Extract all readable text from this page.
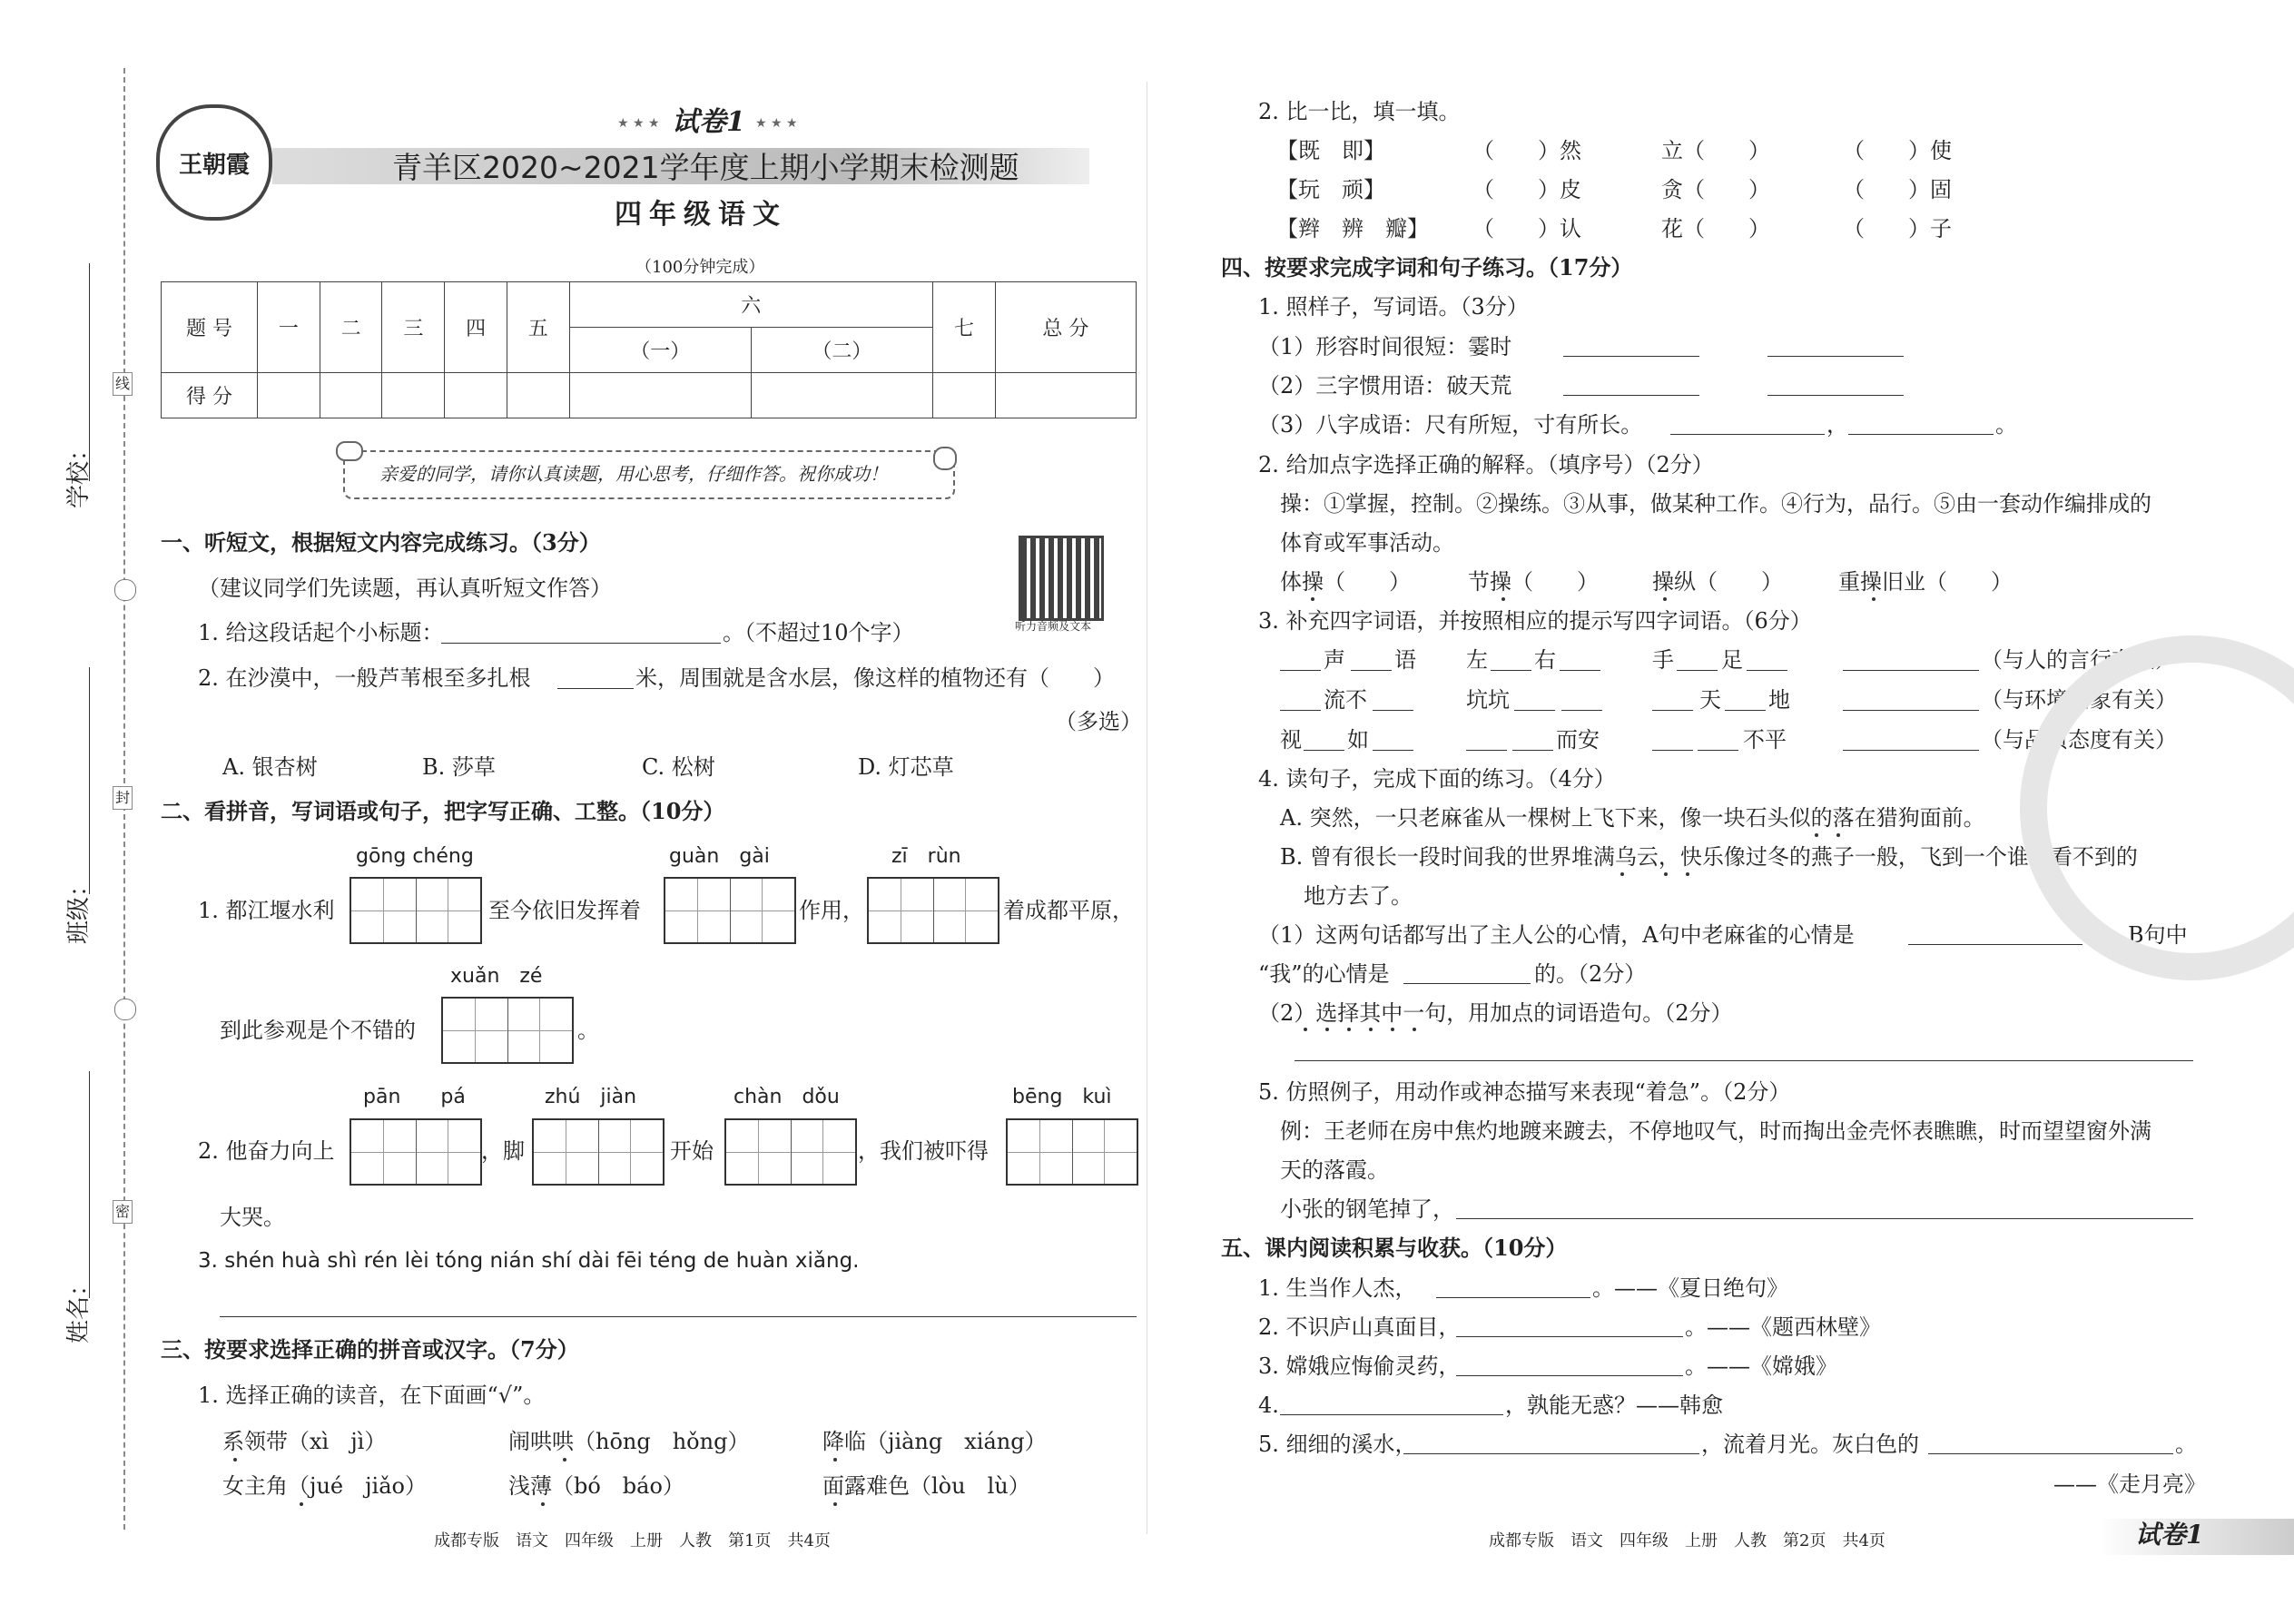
学校：
班级：
姓名：
线
封
密
王朝霞
★ ★ ★ 试卷1 ★ ★ ★
青羊区2020~2021学年度上期小学期末检测题
四年级语文
（100分钟完成）
题 号	一	二	三	四	五	六		七	总 分
						（一）	（二）		
得 分									
亲爱的同学，请你认真读题，用心思考，仔细作答。祝你成功！
一、听短文，根据短文内容完成练习。（3分）
听力音频及文本
（建议同学们先读题，再认真听短文作答）
1. 给这段话起个小标题：	。（不超过10个字）
2. 在沙漠中，一般芦苇根至多扎根	米，周围就是含水层，像这样的植物还有（　　）
（多选）
A. 银杏树	B. 莎草	C. 松树	D. 灯芯草
二、看拼音，写词语或句子，把字写正确、工整。（10分）
gōng chéng	guàn　gài	zī　rùn
1. 都江堰水利	至今依旧发挥着	作用，	着成都平原，
xuǎn　zé
到此参观是个不错的	。
pān　　pá	zhú　jiàn	chàn　dǒu	bēng　kuì
2. 他奋力向上	，脚	开始	，我们被吓得
大哭。
3. shén huà shì rén lèi tóng nián shí dài fēi téng de huàn xiǎng.
三、按要求选择正确的拼音或汉字。（7分）
1. 选择正确的读音，在下面画“√”。
系领带（xì　jì）	闹哄哄（hōng　hǒng）	降临（jiàng　xiáng）
女主角（jué　jiǎo）	浅薄（bó　báo）	面露难色（lòu　lù）
成都专版　语文　四年级　上册　人教　第1页　共4页
2. 比一比，填一填。
【既　即】	（　　）然	立（　　）	（　　）使
【玩　顽】	（　　）皮	贪（　　）	（　　）固
【辫　辨　瓣】 （　　）认	花（　　）	（　　）子
四、按要求完成字词和句子练习。（17分）
1. 照样子，写词语。（3分）
（1）形容时间很短：霎时
（2）三字惯用语：破天荒
（3）八字成语：尺有所短，寸有所长。	，	。
2. 给加点字选择正确的解释。（填序号）（2分）
操：①掌握，控制。②操练。③从事，做某种工作。④行为，品行。⑤由一套动作编排成的
体育或军事活动。
体操（　　）	节操（　　） 操纵（　　）	重操旧业（　　）
3. 补充四字词语，并按照相应的提示写四字词语。（6分）
声 语 左 右	手 足	（与人的言行有关）
流不	坑坑	天 地	（与环境景象有关）
视 如	而安	不平	（与品质态度有关）
4. 读句子，完成下面的练习。（4分）
A. 突然，一只老麻雀从一棵树上飞下来，像一块石头似的落在猎狗面前。
B. 曾有很长一段时间我的世界堆满乌云，快乐像过冬的燕子一般，飞到一个谁也看不到的
地方去了。
（1）这两句话都写出了主人公的心情，A句中老麻雀的心情是	的，B句中
“我”的心情是	的。（2分）
（2）选择其中一句，用加点的词语造句。（2分）
5. 仿照例子，用动作或神态描写来表现“着急”。（2分）
例：王老师在房中焦灼地踱来踱去，不停地叹气，时而掏出金壳怀表瞧瞧，时而望望窗外满
天的落霞。
小张的钢笔掉了，
五、课内阅读积累与收获。（10分）
1. 生当作人杰，	。——《夏日绝句》
2. 不识庐山真面目，	。——《题西林壁》
3. 嫦娥应悔偷灵药，	。——《嫦娥》
4.	，孰能无惑？——韩愈
5. 细细的溪水，	，流着月光。灰白色的	。
——《走月亮》
成都专版　语文　四年级　上册　人教　第2页　共4页	试卷1
